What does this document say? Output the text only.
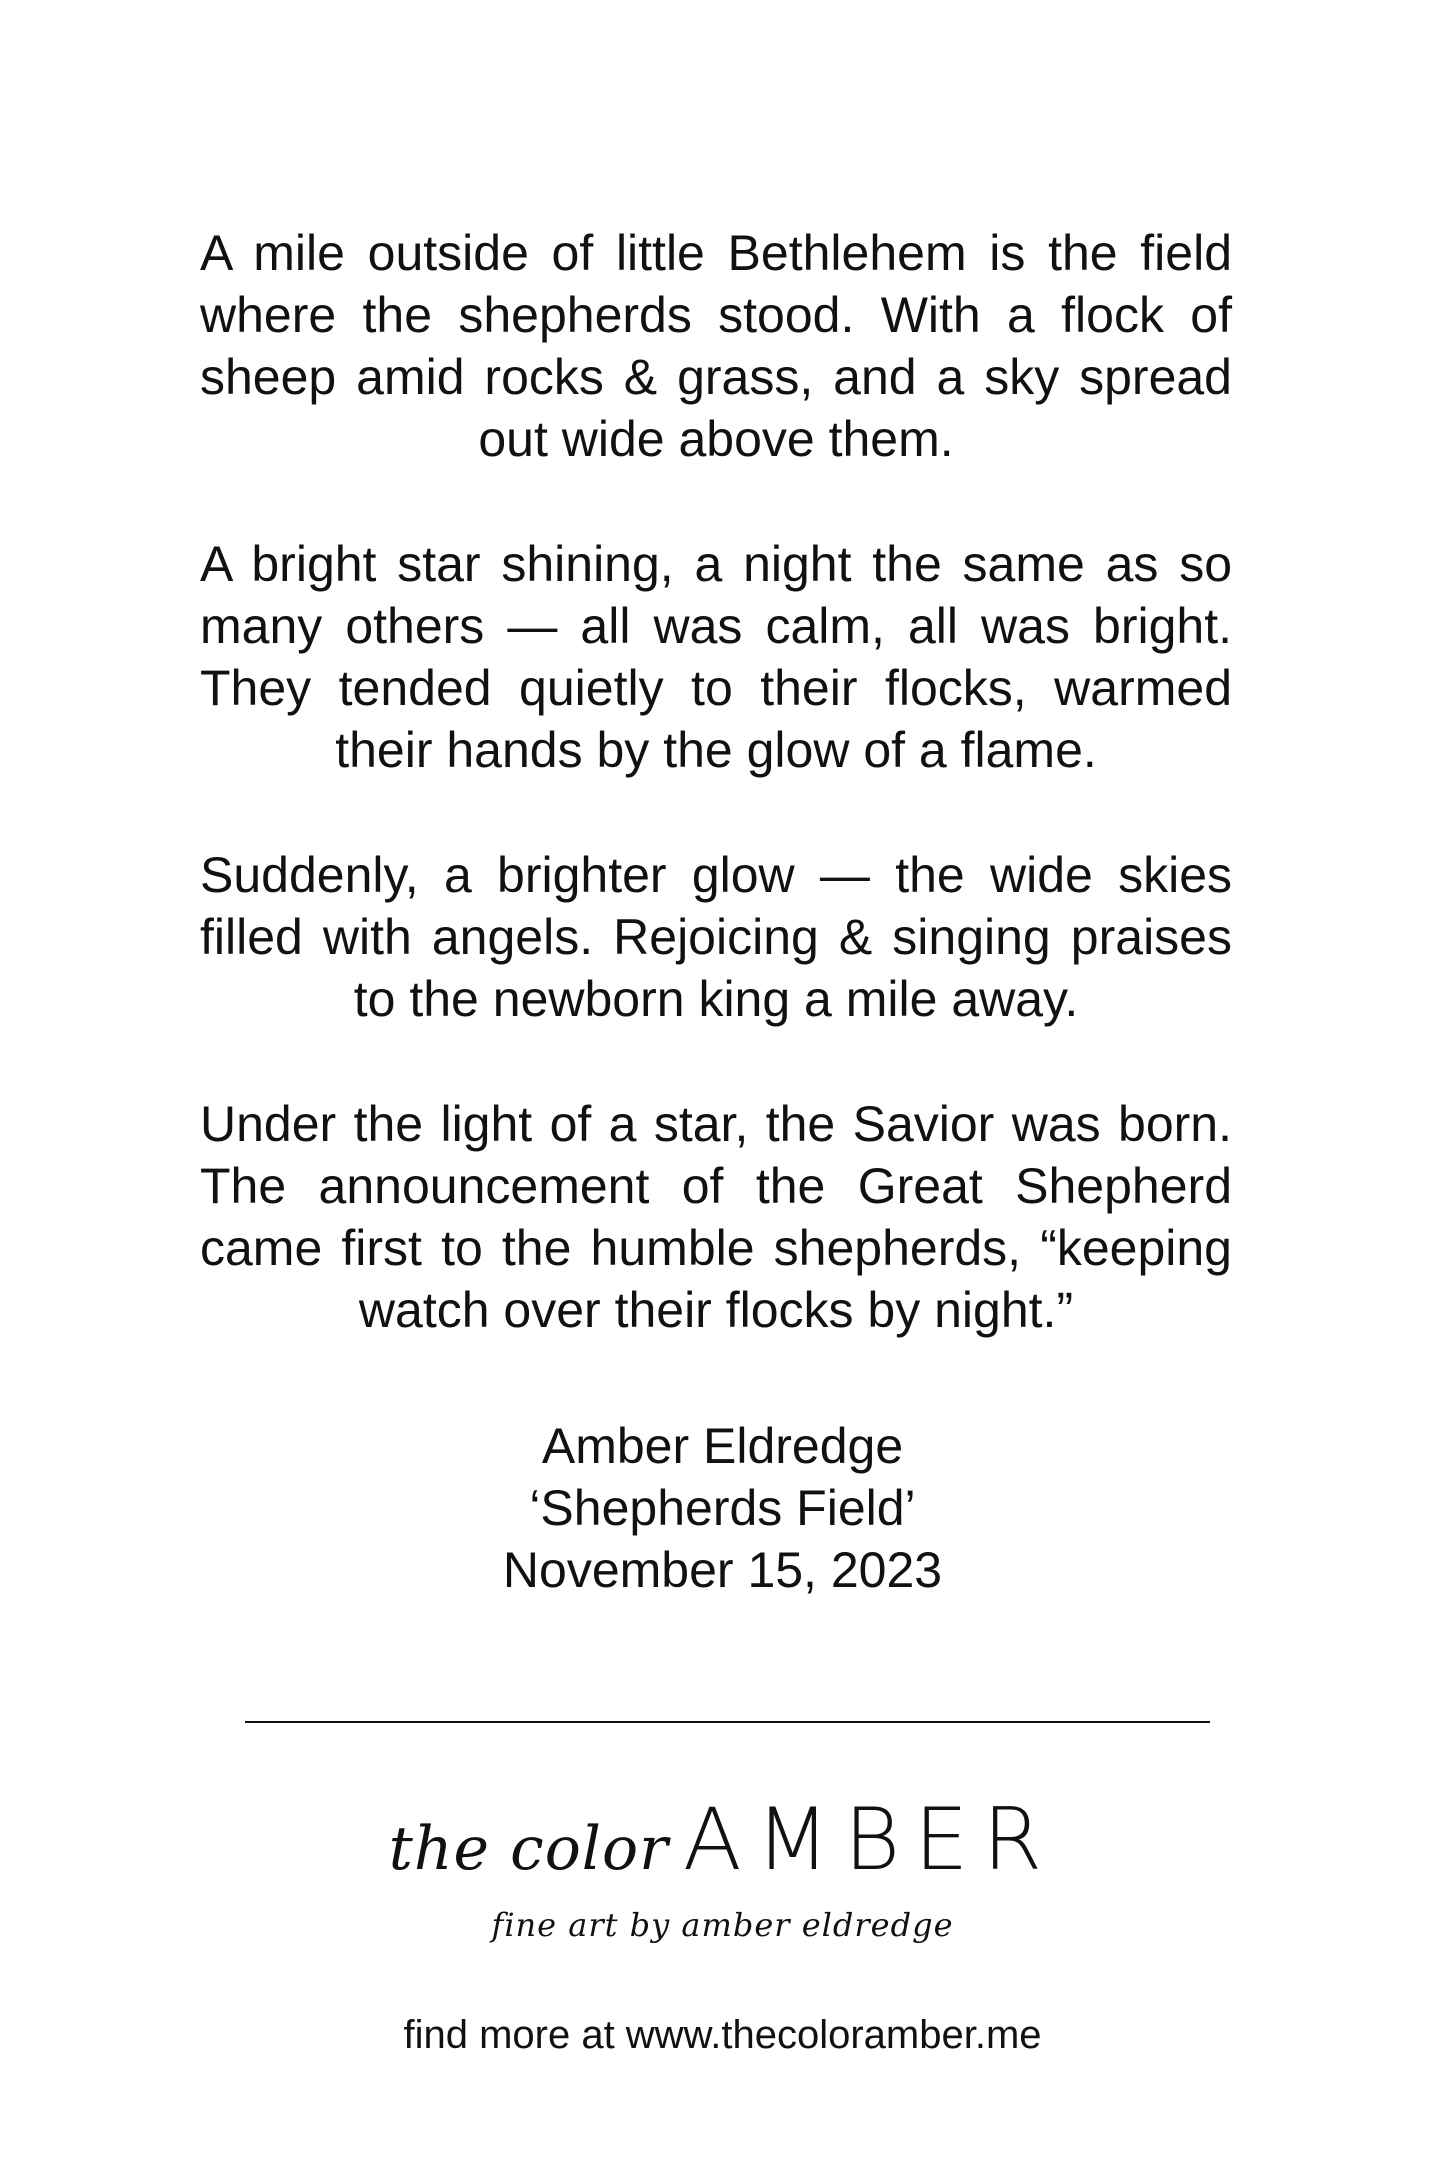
A mile outside of little Bethlehem is the field where the shepherds stood. With a flock of sheep amid rocks & grass, and a sky spread out wide above them.

A bright star shining, a night the same as so many others — all was calm, all was bright. They tended quietly to their flocks, warmed their hands by the glow of a flame.

Suddenly, a brighter glow — the wide skies filled with angels. Rejoicing & singing praises to the newborn king a mile away.

Under the light of a star, the Savior was born. The announcement of the Great Shepherd came first to the humble shepherds, “keeping watch over their flocks by night.”

Amber Eldredge
‘Shepherds Field’
November 15, 2023
the color AMBER
fine art by amber eldredge
find more at www.thecoloramber.me
